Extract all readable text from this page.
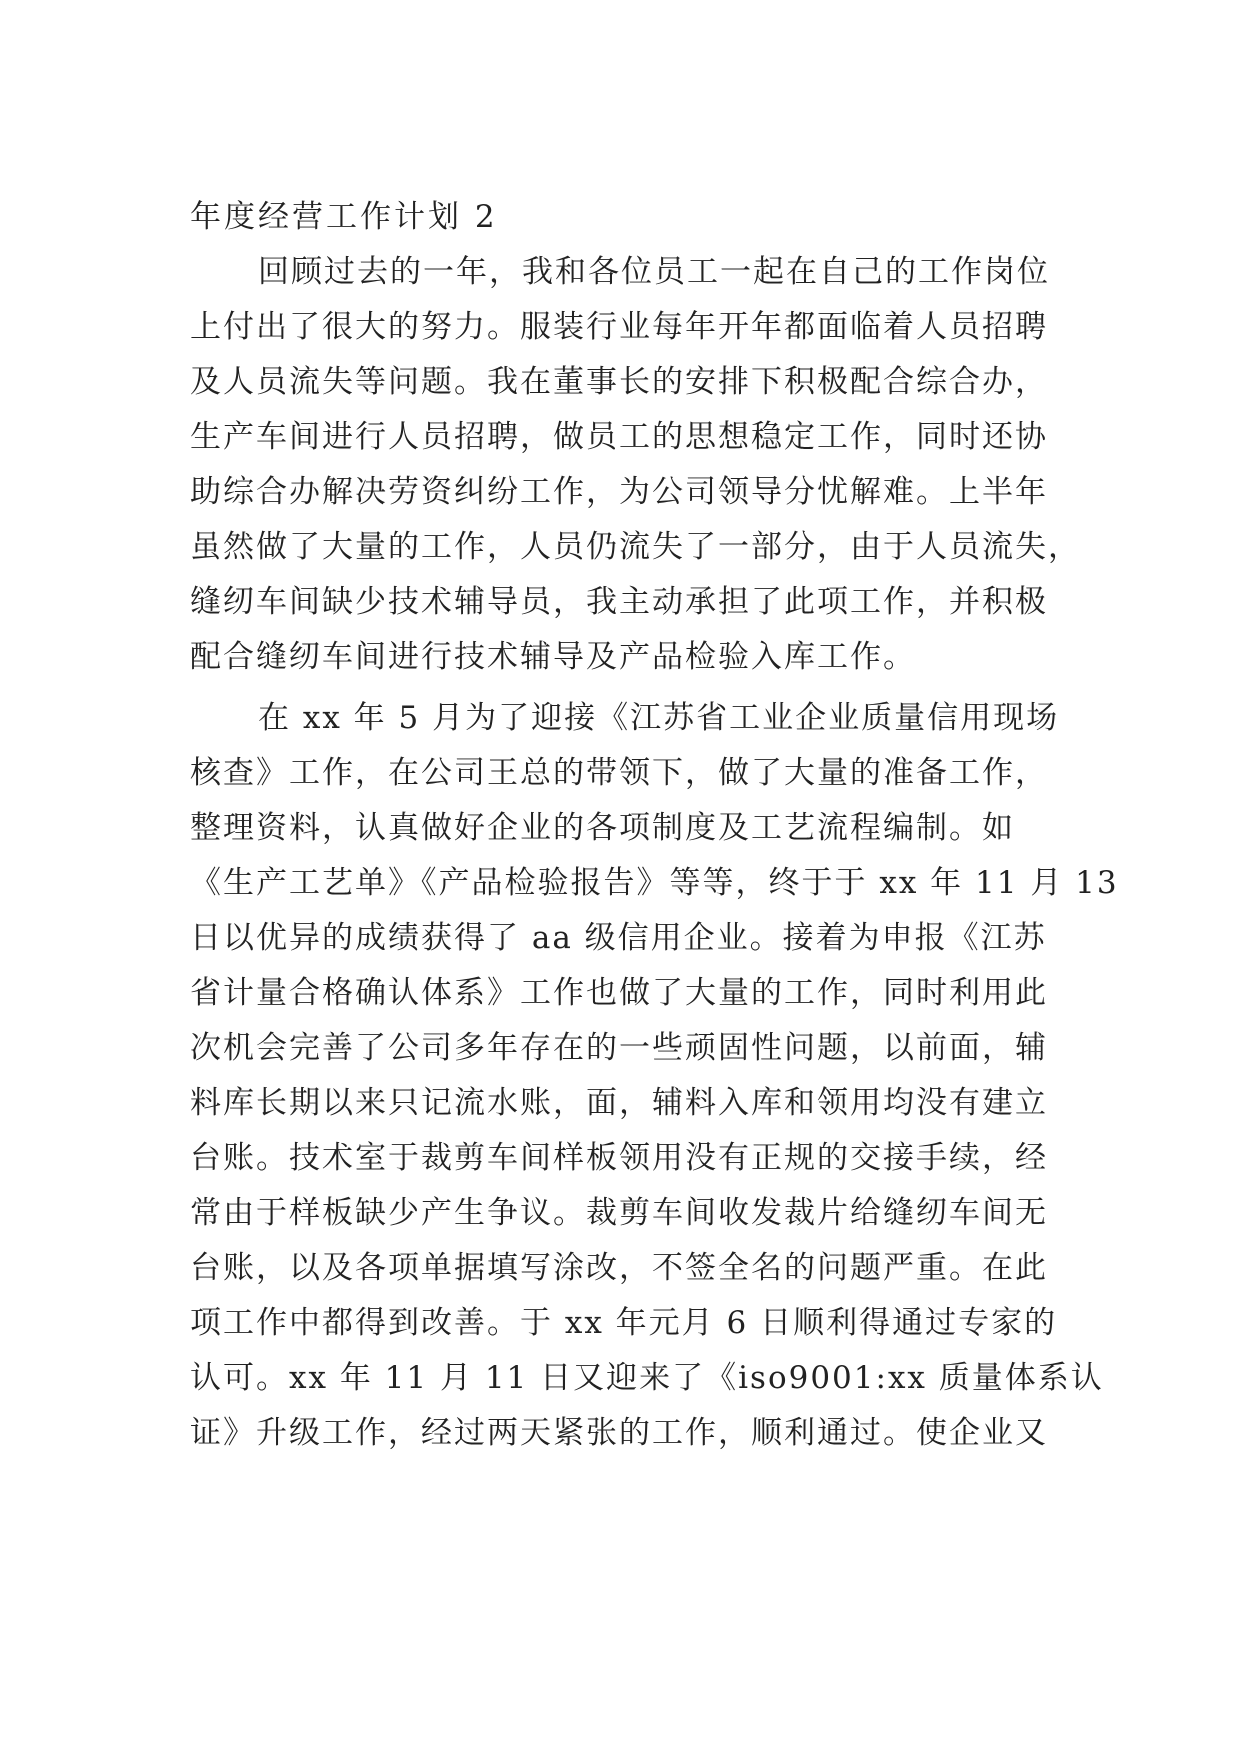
年度经营工作计划 2
回顾过去的一年，我和各位员工一起在自己的工作岗位
上付出了很大的努力。服装行业每年开年都面临着人员招聘
及人员流失等问题。我在董事长的安排下积极配合综合办，
生产车间进行人员招聘，做员工的思想稳定工作，同时还协
助综合办解决劳资纠纷工作，为公司领导分忧解难。上半年
虽然做了大量的工作，人员仍流失了一部分，由于人员流失，
缝纫车间缺少技术辅导员，我主动承担了此项工作，并积极
配合缝纫车间进行技术辅导及产品检验入库工作。
在 xx 年 5 月为了迎接《江苏省工业企业质量信用现场
核查》工作，在公司王总的带领下，做了大量的准备工作，
整理资料，认真做好企业的各项制度及工艺流程编制。如
《生产工艺单》《产品检验报告》等等，终于于 xx 年 11 月 13
日以优异的成绩获得了 aa 级信用企业。接着为申报《江苏
省计量合格确认体系》工作也做了大量的工作，同时利用此
次机会完善了公司多年存在的一些顽固性问题，以前面，辅
料库长期以来只记流水账，面，辅料入库和领用均没有建立
台账。技术室于裁剪车间样板领用没有正规的交接手续，经
常由于样板缺少产生争议。裁剪车间收发裁片给缝纫车间无
台账，以及各项单据填写涂改，不签全名的问题严重。在此
项工作中都得到改善。于 xx 年元月 6 日顺利得通过专家的
认可。xx 年 11 月 11 日又迎来了《iso9001:xx 质量体系认
证》升级工作，经过两天紧张的工作，顺利通过。使企业又
